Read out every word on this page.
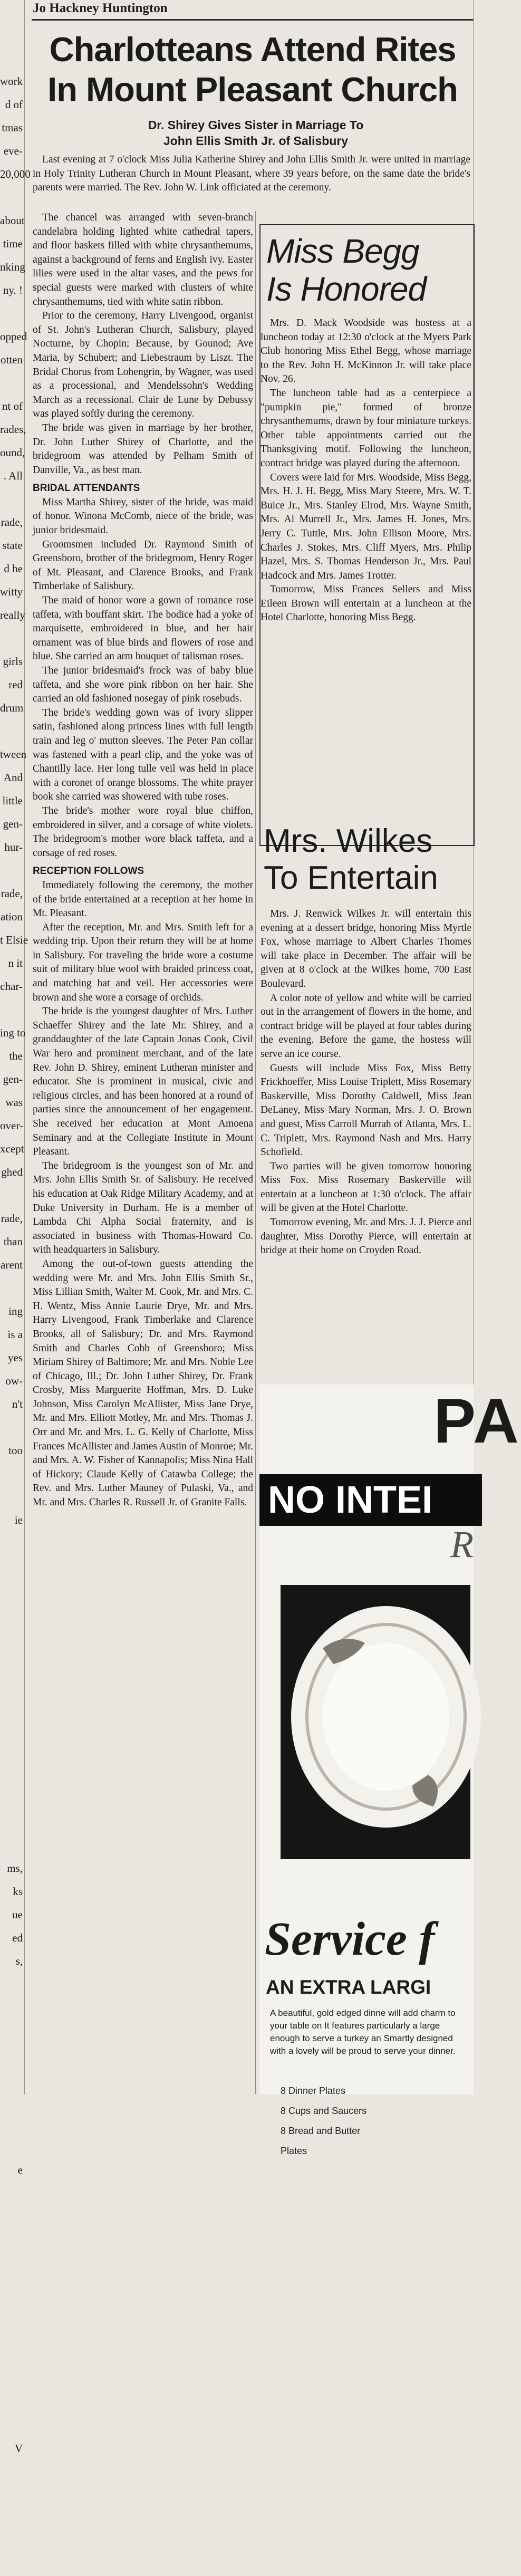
work
d of
tmas
eve-
20,000

about
time
nking
ny. !

opped
otten

nt of
rades,
ound,
. All

rade,
state
d he
witty
really

girls
red
drum

tween
And
little
gen-
hur-

rade,
ation
t Elsie
n it
char-

ing to
the
gen-
was
over-
xcept
ghed

rade,
than
arent

ing
is a
yes
ow-
n't

too

ie

ms,
ks
ue
ed
s,

e

V

Jo Hackney Huntington
Charlotteans Attend Rites
In Mount Pleasant Church
Dr. Shirey Gives Sister in Marriage To
John Ellis Smith Jr. of Salisbury
Last evening at 7 o'clock Miss Julia Katherine Shirey and John Ellis Smith Jr. were united in marriage in Holy Trinity Lutheran Church in Mount Pleasant, where 39 years before, on the same date the bride's parents were married. The Rev. John W. Link officiated at the ceremony.

The chancel was arranged with seven-branch candelabra holding lighted white cathedral tapers, and floor baskets filled with white chrysanthemums, against a background of ferns and English ivy. Easter lilies were used in the altar vases, and the pews for special guests were marked with clusters of white chrysanthemums, tied with white satin ribbon.

Prior to the ceremony, Harry Livengood, organist of St. John's Lutheran Church, Salisbury, played Nocturne, by Chopin; Because, by Gounod; Ave Maria, by Schubert; and Liebestraum by Liszt. The Bridal Chorus from Lohengrin, by Wagner, was used as a processional, and Mendelssohn's Wedding March as a recessional. Clair de Lune by Debussy was played softly during the ceremony.

The bride was given in marriage by her brother, Dr. John Luther Shirey of Charlotte, and the bridegroom was attended by Pelham Smith of Danville, Va., as best man.

BRIDAL ATTENDANTS

Miss Martha Shirey, sister of the bride, was maid of honor. Winona McComb, niece of the bride, was junior bridesmaid.

Groomsmen included Dr. Raymond Smith of Greensboro, brother of the bridegroom, Henry Roger of Mt. Pleasant, and Clarence Brooks, and Frank Timberlake of Salisbury.

The maid of honor wore a gown of romance rose taffeta, with bouffant skirt. The bodice had a yoke of marquisette, embroidered in blue, and her hair ornament was of blue birds and flowers of rose and blue. She carried an arm bouquet of talisman roses.

The junior bridesmaid's frock was of baby blue taffeta, and she wore pink ribbon on her hair. She carried an old fashioned nosegay of pink rosebuds.

The bride's wedding gown was of ivory slipper satin, fashioned along princess lines with full length train and leg o' mutton sleeves. The Peter Pan collar was fastened with a pearl clip, and the yoke was of Chantilly lace. Her long tulle veil was held in place with a coronet of orange blossoms. The white prayer book she carried was showered with tube roses.

The bride's mother wore royal blue chiffon, embroidered in silver, and a corsage of white violets. The bridegroom's mother wore black taffeta, and a corsage of red roses.

RECEPTION FOLLOWS

Immediately following the ceremony, the mother of the bride entertained at a reception at her home in Mt. Pleasant.

After the reception, Mr. and Mrs. Smith left for a wedding trip. Upon their return they will be at home in Salisbury. For traveling the bride wore a costume suit of military blue wool with braided princess coat, and matching hat and veil. Her accessories were brown and she wore a corsage of orchids.

The bride is the youngest daughter of Mrs. Luther Schaeffer Shirey and the late Mr. Shirey, and a granddaughter of the late Captain Jonas Cook, Civil War hero and prominent merchant, and of the late Rev. John D. Shirey, eminent Lutheran minister and educator. She is prominent in musical, civic and religious circles, and has been honored at a round of parties since the announcement of her engagement. She received her education at Mont Amoena Seminary and at the Collegiate Institute in Mount Pleasant.

The bridegroom is the youngest son of Mr. and Mrs. John Ellis Smith Sr. of Salisbury. He received his education at Oak Ridge Military Academy, and at Duke University in Durham. He is a member of Lambda Chi Alpha Social fraternity, and is associated in business with Thomas-Howard Co. with headquarters in Salisbury.

Among the out-of-town guests attending the wedding were Mr. and Mrs. John Ellis Smith Sr., Miss Lillian Smith, Walter M. Cook, Mr. and Mrs. C. H. Wentz, Miss Annie Laurie Drye, Mr. and Mrs. Harry Livengood, Frank Timberlake and Clarence Brooks, all of Salisbury; Dr. and Mrs. Raymond Smith and Charles Cobb of Greensboro; Miss Miriam Shirey of Baltimore; Mr. and Mrs. Noble Lee of Chicago, Ill.; Dr. John Luther Shirey, Dr. Frank Crosby, Miss Marguerite Hoffman, Mrs. D. Luke Johnson, Miss Carolyn McAllister, Miss Jane Drye, Mr. and Mrs. Elliott Motley, Mr. and Mrs. Thomas J. Orr and Mr. and Mrs. L. G. Kelly of Charlotte, Miss Frances McAllister and James Austin of Monroe; Mr. and Mrs. A. W. Fisher of Kannapolis; Miss Nina Hall of Hickory; Claude Kelly of Catawba College; the Rev. and Mrs. Luther Mauney of Pulaski, Va., and Mr. and Mrs. Charles R. Russell Jr. of Granite Falls.

Miss Begg
Is Honored

Mrs. D. Mack Woodside was hostess at a luncheon today at 12:30 o'clock at the Myers Park Club honoring Miss Ethel Begg, whose marriage to the Rev. John H. McKinnon Jr. will take place Nov. 26.

The luncheon table had as a centerpiece a "pumpkin pie," formed of bronze chrysanthemums, drawn by four miniature turkeys. Other table appointments carried out the Thanksgiving motif. Following the luncheon, contract bridge was played during the afternoon.

Covers were laid for Mrs. Woodside, Miss Begg, Mrs. H. J. H. Begg, Miss Mary Steere, Mrs. W. T. Buice Jr., Mrs. Stanley Elrod, Mrs. Wayne Smith, Mrs. Al Murrell Jr., Mrs. James H. Jones, Mrs. Jerry C. Tuttle, Mrs. John Ellison Moore, Mrs. Charles J. Stokes, Mrs. Cliff Myers, Mrs. Philip Hazel, Mrs. S. Thomas Henderson Jr., Mrs. Paul Hadcock and Mrs. James Trotter.

Tomorrow, Miss Frances Sellers and Miss Eileen Brown will entertain at a luncheon at the Hotel Charlotte, honoring Miss Begg.

Mrs. Wilkes
To Entertain

Mrs. J. Renwick Wilkes Jr. will entertain this evening at a dessert bridge, honoring Miss Myrtle Fox, whose marriage to Albert Charles Thomes will take place in December. The affair will be given at 8 o'clock at the Wilkes home, 700 East Boulevard.

A color note of yellow and white will be carried out in the arrangement of flowers in the home, and contract bridge will be played at four tables during the evening. Before the game, the hostess will serve an ice course.

Guests will include Miss Fox, Miss Betty Frickhoeffer, Miss Louise Triplett, Miss Rosemary Baskerville, Miss Dorothy Caldwell, Miss Jean DeLaney, Miss Mary Norman, Mrs. J. O. Brown and guest, Miss Carroll Murrah of Atlanta, Mrs. L. C. Triplett, Mrs. Raymond Nash and Mrs. Harry Schofield.

Two parties will be given tomorrow honoring Miss Fox. Miss Rosemary Baskerville will entertain at a luncheon at 1:30 o'clock. The affair will be given at the Hotel Charlotte.

Tomorrow evening, Mr. and Mrs. J. J. Pierce and daughter, Miss Dorothy Pierce, will entertain at bridge at their home on Croyden Road.

PA
NO INTEI
R
Service f
AN EXTRA LARGI
A beautiful, gold edged dinne will add charm to your table on It features particularly a large enough to serve a turkey an Smartly designed with a lovely will be proud to serve your dinner.
8 Dinner Plates
8 Cups and Saucers
8 Bread and Butter
Plates
